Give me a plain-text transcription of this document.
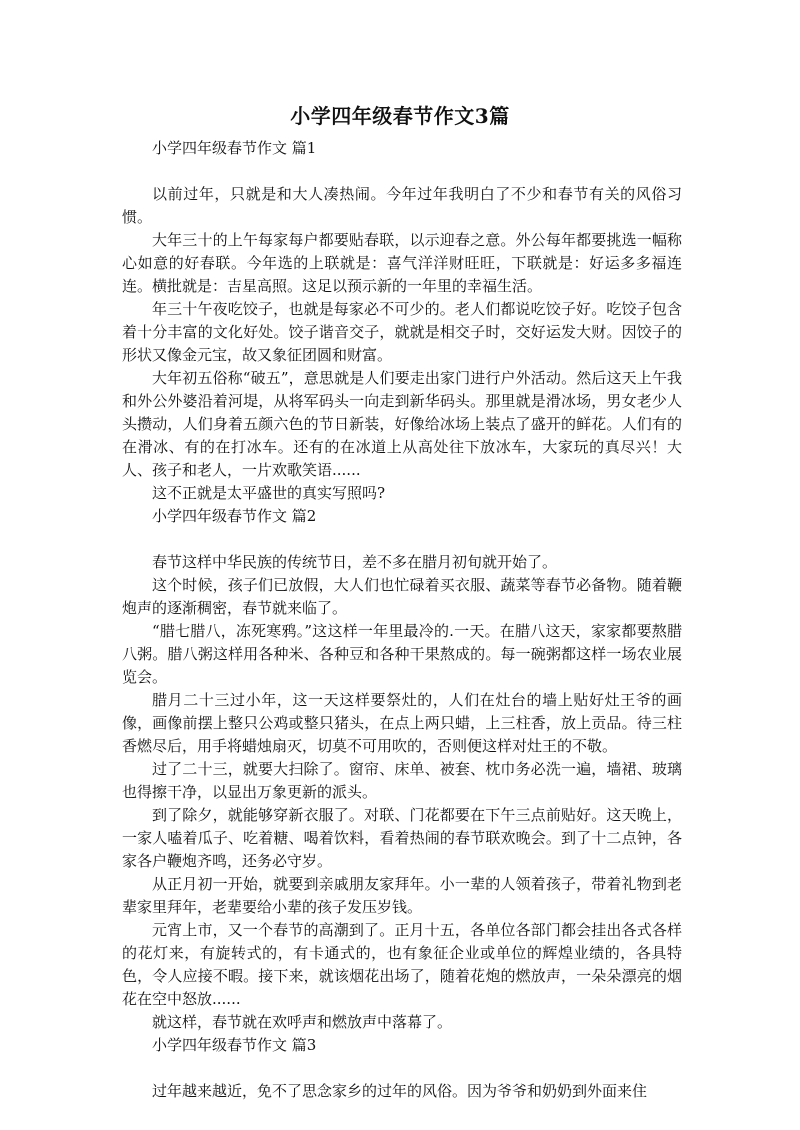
小学四年级春节作文3篇

小学四年级春节作文 篇1

以前过年，只就是和大人凑热闹。今年过年我明白了不少和春节有关的风俗习惯。

大年三十的上午每家每户都要贴春联，以示迎春之意。外公每年都要挑选一幅称心如意的好春联。今年选的上联就是：喜气洋洋财旺旺，下联就是：好运多多福连连。横批就是：吉星高照。这足以预示新的一年里的幸福生活。

年三十午夜吃饺子，也就是每家必不可少的。老人们都说吃饺子好。吃饺子包含着十分丰富的文化好处。饺子谐音交子，就就是相交子时，交好运发大财。因饺子的形状又像金元宝，故又象征团圆和财富。

大年初五俗称“破五”，意思就是人们要走出家门进行户外活动。然后这天上午我和外公外婆沿着河堤，从将军码头一向走到新华码头。那里就是滑冰场，男女老少人头攒动，人们身着五颜六色的节日新装，好像给冰场上装点了盛开的鲜花。人们有的在滑冰、有的在打冰车。还有的在冰道上从高处往下放冰车，大家玩的真尽兴！大人、孩子和老人，一片欢歌笑语......

这不正就是太平盛世的真实写照吗?

小学四年级春节作文 篇2

春节这样中华民族的传统节日，差不多在腊月初旬就开始了。

这个时候，孩子们已放假，大人们也忙碌着买衣服、蔬菜等春节必备物。随着鞭炮声的逐渐稠密，春节就来临了。

“腊七腊八，冻死寒鸦。”这这样一年里最冷的.一天。在腊八这天，家家都要熬腊八粥。腊八粥这样用各种米、各种豆和各种干果熬成的。每一碗粥都这样一场农业展览会。

腊月二十三过小年，这一天这样要祭灶的，人们在灶台的墙上贴好灶王爷的画像，画像前摆上整只公鸡或整只猪头，在点上两只蜡，上三柱香，放上贡品。待三柱香燃尽后，用手将蜡烛扇灭，切莫不可用吹的，否则便这样对灶王的不敬。

过了二十三，就要大扫除了。窗帘、床单、被套、枕巾务必洗一遍，墙裙、玻璃也得擦干净，以显出万象更新的派头。

到了除夕，就能够穿新衣服了。对联、门花都要在下午三点前贴好。这天晚上，一家人嗑着瓜子、吃着糖、喝着饮料，看着热闹的春节联欢晚会。到了十二点钟，各家各户鞭炮齐鸣，还务必守岁。

从正月初一开始，就要到亲戚朋友家拜年。小一辈的人领着孩子，带着礼物到老辈家里拜年，老辈要给小辈的孩子发压岁钱。

元宵上市，又一个春节的高潮到了。正月十五，各单位各部门都会挂出各式各样的花灯来，有旋转式的，有卡通式的，也有象征企业或单位的辉煌业绩的，各具特色，令人应接不暇。接下来，就该烟花出场了，随着花炮的燃放声，一朵朵漂亮的烟花在空中怒放......

就这样，春节就在欢呼声和燃放声中落幕了。

小学四年级春节作文 篇3

过年越来越近，免不了思念家乡的过年的风俗。因为爷爷和奶奶到外面来住
